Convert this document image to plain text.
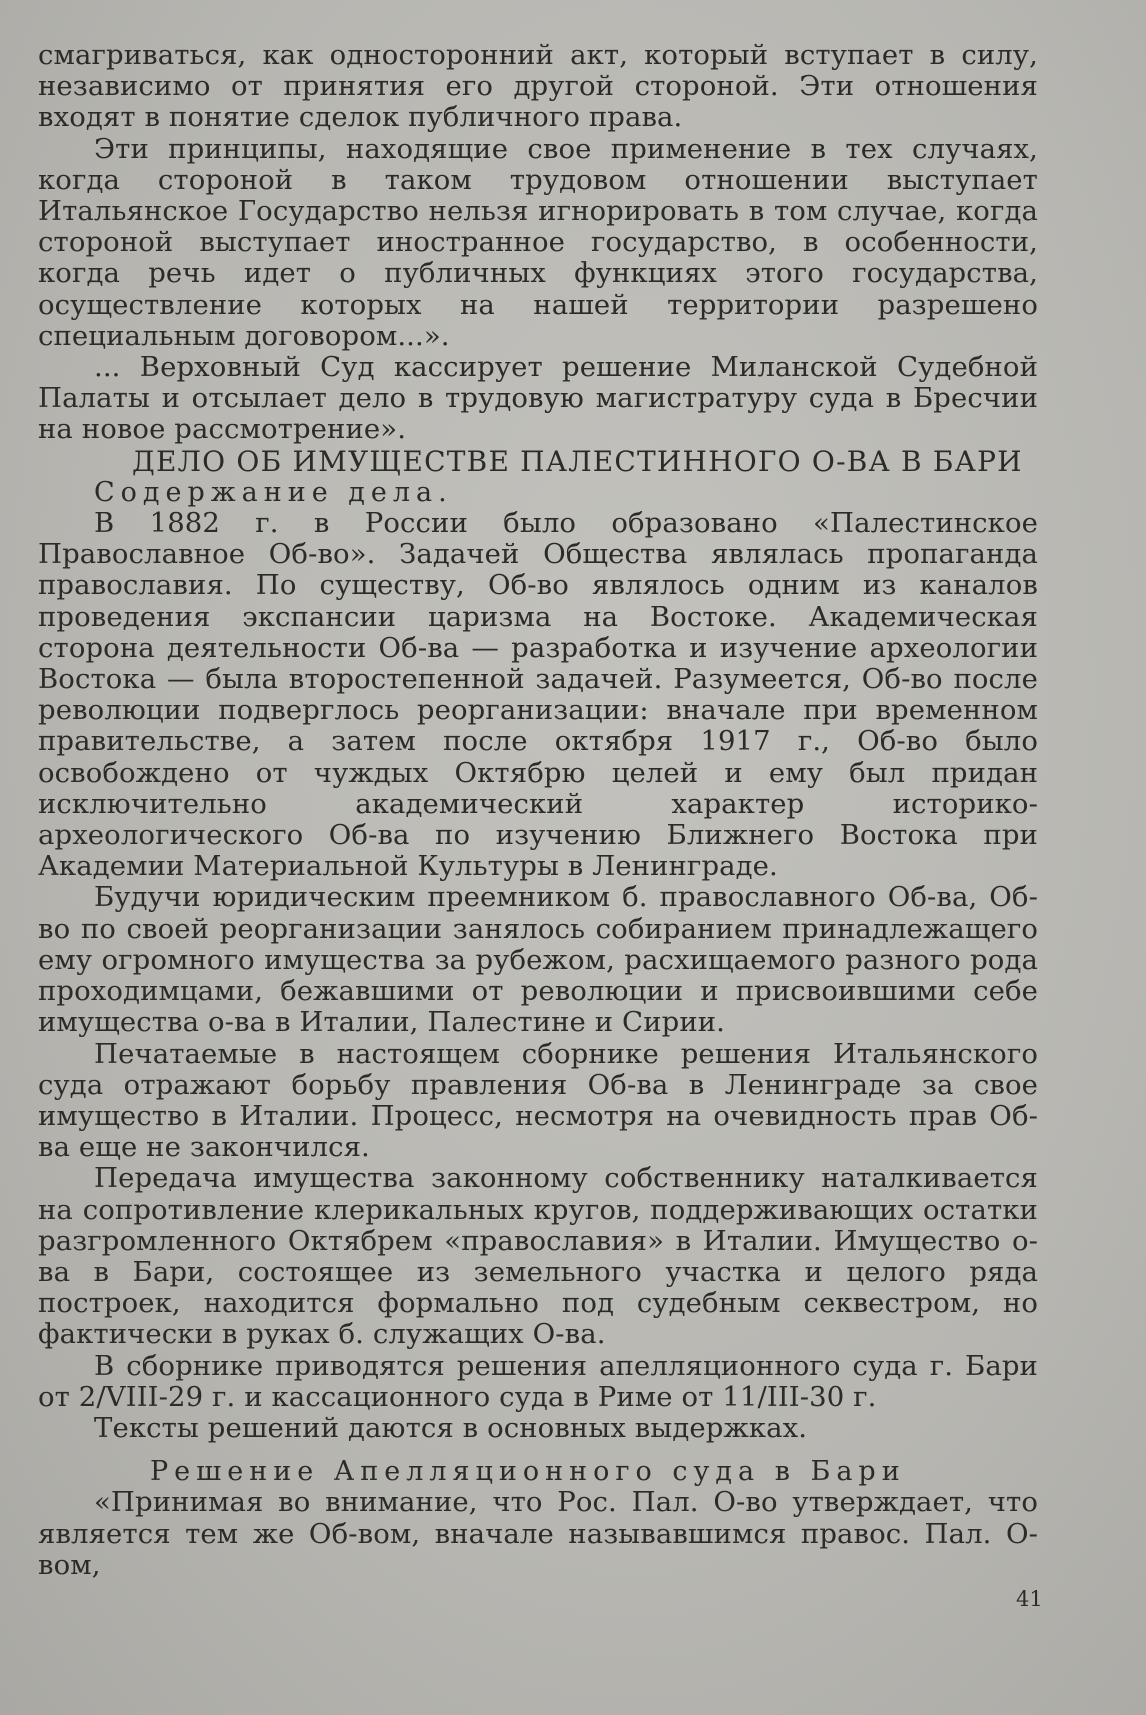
смагриваться, как односторонний акт, который вступает в силу, независимо от принятия его другой стороной. Эти отношения входят в понятие сделок публичного права.

Эти принципы, находящие свое применение в тех случаях, когда стороной в таком трудовом отношении выступает Итальянское Государство нельзя игнорировать в том случае, когда стороной выступает иностранное государство, в особенности, когда речь идет о публичных функциях этого государства, осуществление которых на нашей территории разрешено специальным договором...».

... Верховный Суд кассирует решение Миланской Судебной Палаты и отсылает дело в трудовую магистратуру суда в Бресчии на новое рассмотрение».

ДЕЛО ОБ ИМУЩЕСТВЕ ПАЛЕСТИННОГО О-ВА В БАРИ

Содержание дела.

В 1882 г. в России было образовано «Палестинское Православное Об-во». Задачей Общества являлась пропаганда православия. По существу, Об-во являлось одним из каналов проведения экспансии царизма на Востоке. Академическая сторона деятельности Об-ва — разработка и изучение археологии Востока — была второстепенной задачей. Разумеется, Об-во после революции подверглось реорганизации: вначале при временном правительстве, а затем после октября 1917 г., Об-во было освобождено от чуждых Октябрю целей и ему был придан исключительно академический характер историко-археологического Об-ва по изучению Ближнего Востока при Академии Материальной Культуры в Ленинграде.

Будучи юридическим преемником б. православного Об-ва, Об-во по своей реорганизации занялось собиранием принадлежащего ему огромного имущества за рубежом, расхищаемого разного рода проходимцами, бежавшими от революции и присвоившими себе имущества о-ва в Италии, Палестине и Сирии.

Печатаемые в настоящем сборнике решения Итальянского суда отражают борьбу правления Об-ва в Ленинграде за свое имущество в Италии. Процесс, несмотря на очевидность прав Об-ва еще не закончился.

Передача имущества законному собственнику наталкивается на сопротивление клерикальных кругов, поддерживающих остатки разгромленного Октябрем «православия» в Италии. Имущество о-ва в Бари, состоящее из земельного участка и целого ряда построек, находится формально под судебным секвестром, но фактически в руках б. служащих О-ва.

В сборнике приводятся решения апелляционного суда г. Бари от 2/VIII-29 г. и кассационного суда в Риме от 11/III-30 г.

Тексты решений даются в основных выдержках.

Решение Апелляционного суда в Бари

«Принимая во внимание, что Рос. Пал. О-во утверждает, что является тем же Об-вом, вначале называвшимся правос. Пал. О-вом,

41
